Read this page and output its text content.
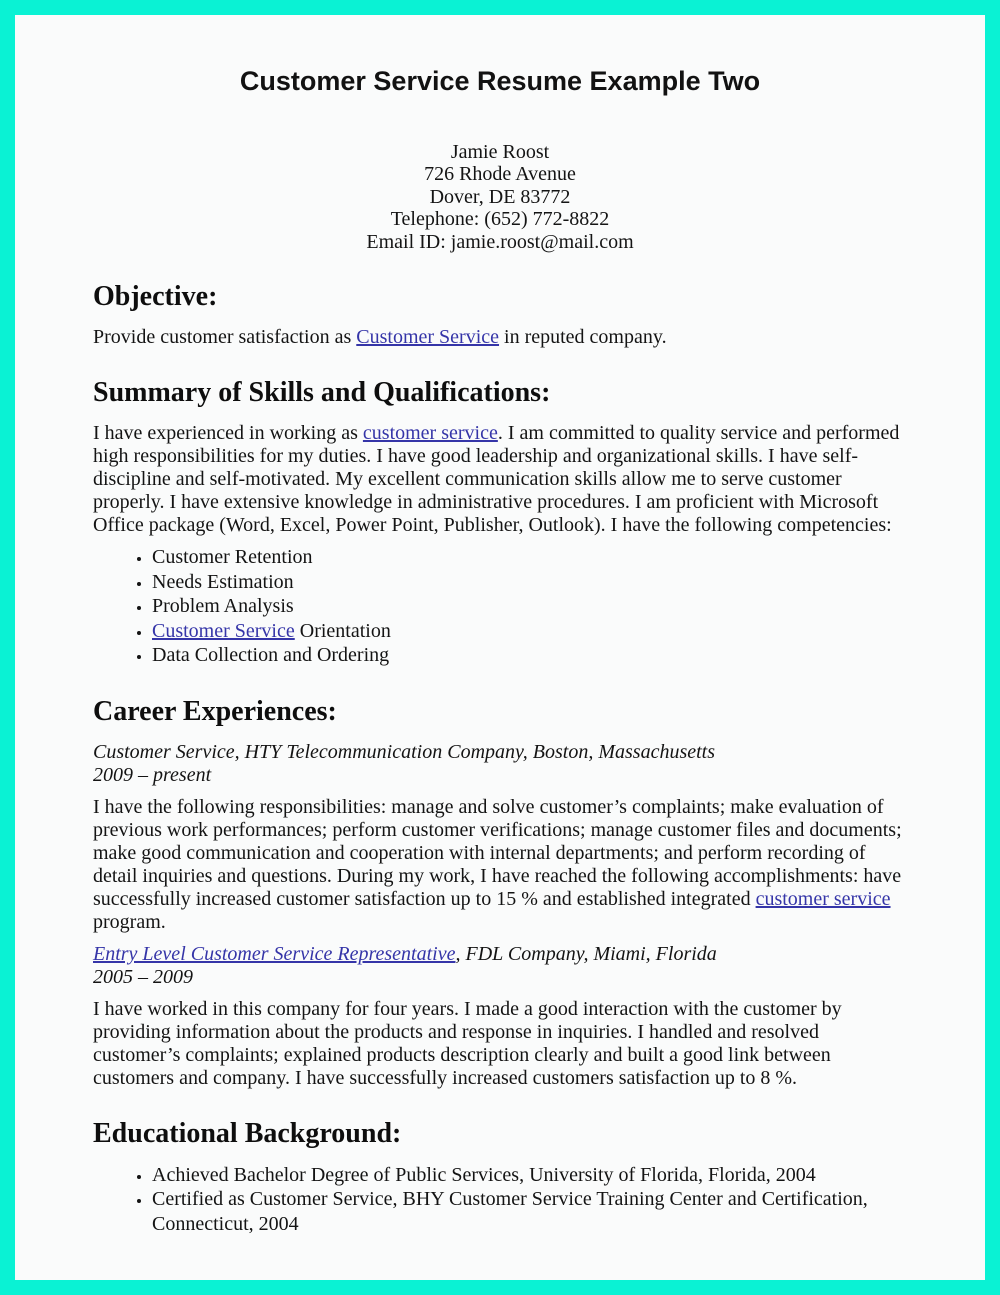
Customer Service Resume Example Two
Jamie Roost
726 Rhode Avenue
Dover, DE 83772
Telephone: (652) 772-8822
Email ID: jamie.roost@mail.com
Objective:

Provide customer satisfaction as Customer Service in reputed company.

Summary of Skills and Qualifications:

I have experienced in working as customer service. I am committed to quality service and performed high responsibilities for my duties. I have good leadership and organizational skills. I have self-discipline and self-motivated. My excellent communication skills allow me to serve customer properly. I have extensive knowledge in administrative procedures. I am proficient with Microsoft Office package (Word, Excel, Power Point, Publisher, Outlook). I have the following competencies:

• Customer Retention
• Needs Estimation
• Problem Analysis
• Customer Service Orientation
• Data Collection and Ordering
Career Experiences:
Customer Service, HTY Telecommunication Company, Boston, Massachusetts
2009 – present

I have the following responsibilities: manage and solve customer’s complaints; make evaluation of previous work performances; perform customer verifications; manage customer files and documents; make good communication and cooperation with internal departments; and perform recording of detail inquiries and questions. During my work, I have reached the following accomplishments: have successfully increased customer satisfaction up to 15 % and established integrated customer service program.

Entry Level Customer Service Representative, FDL Company, Miami, Florida
2005 – 2009

I have worked in this company for four years. I made a good interaction with the customer by providing information about the products and response in inquiries. I handled and resolved customer’s complaints; explained products description clearly and built a good link between customers and company. I have successfully increased customers satisfaction up to 8 %.

Educational Background:
• Achieved Bachelor Degree of Public Services, University of Florida, Florida, 2004
• Certified as Customer Service, BHY Customer Service Training Center and Certification, Connecticut, 2004
